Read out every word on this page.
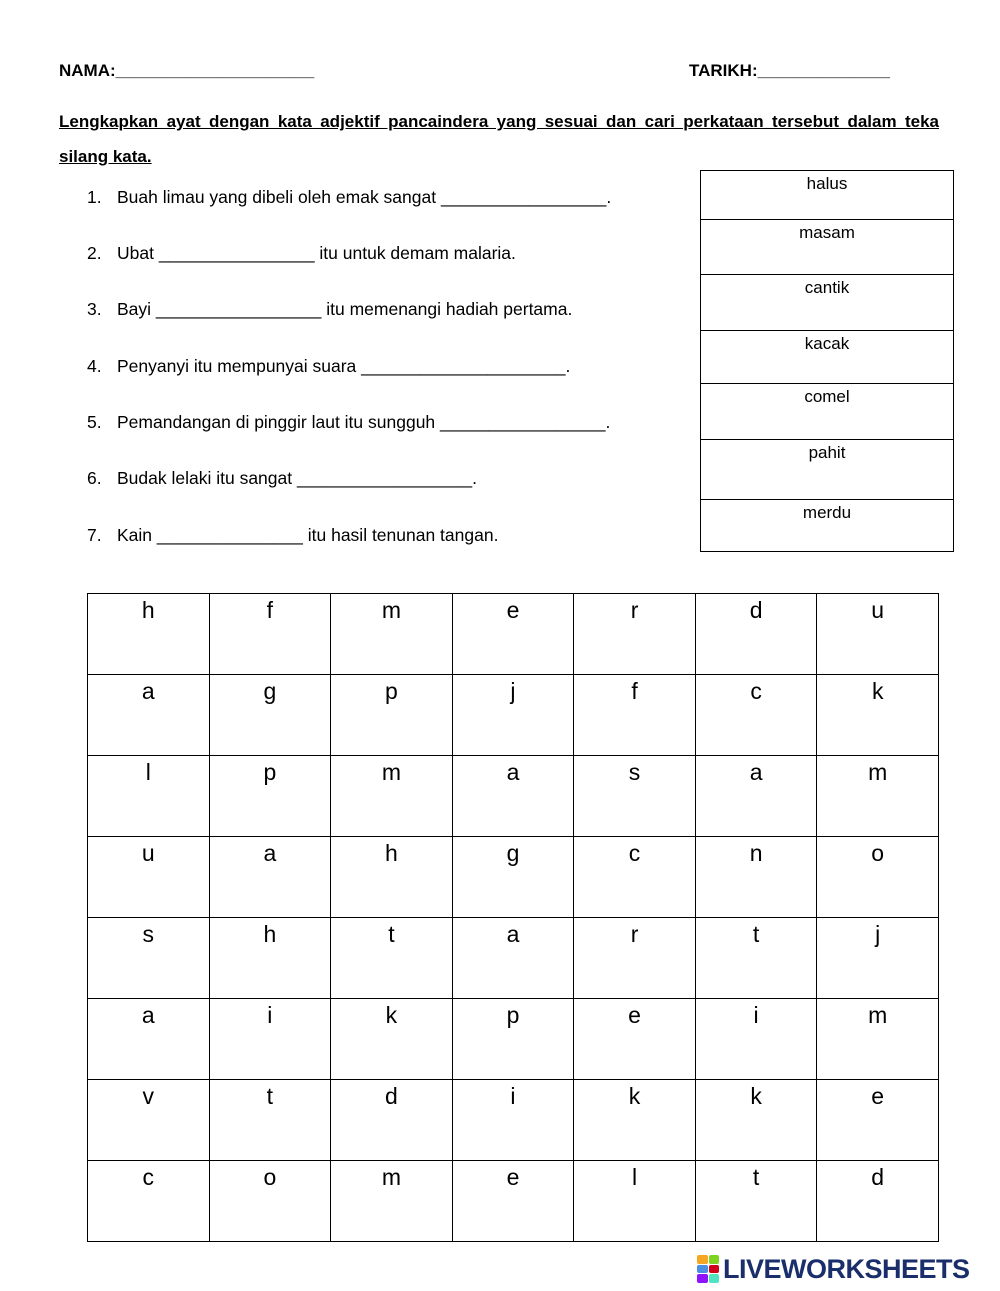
NAMA:_____________________	TARIKH:______________
Lengkapkan ayat dengan kata adjektif pancaindera yang sesuai dan cari perkataan tersebut dalam teka silang kata.
1. Buah limau yang dibeli oleh emak sangat _________________.
2. Ubat ________________ itu untuk demam malaria.
3. Bayi _________________ itu memenangi hadiah pertama.
4. Penyanyi itu mempunyai suara _____________________.
5. Pemandangan di pinggir laut itu sungguh _________________.
6. Budak lelaki itu sangat __________________.
7. Kain _______________ itu hasil tenunan tangan.
halus
masam
cantik
kacak
comel
pahit
merdu
h	f	m	e	r	d	u
a	g	p	j	f	c	k
l	p	m	a	s	a	m
u	a	h	g	c	n	o
s	h	t	a	r	t	j
a	i	k	p	e	i	m
v	t	d	i	k	k	e
c	o	m	e	l	t	d
LIVEWORKSHEETS
